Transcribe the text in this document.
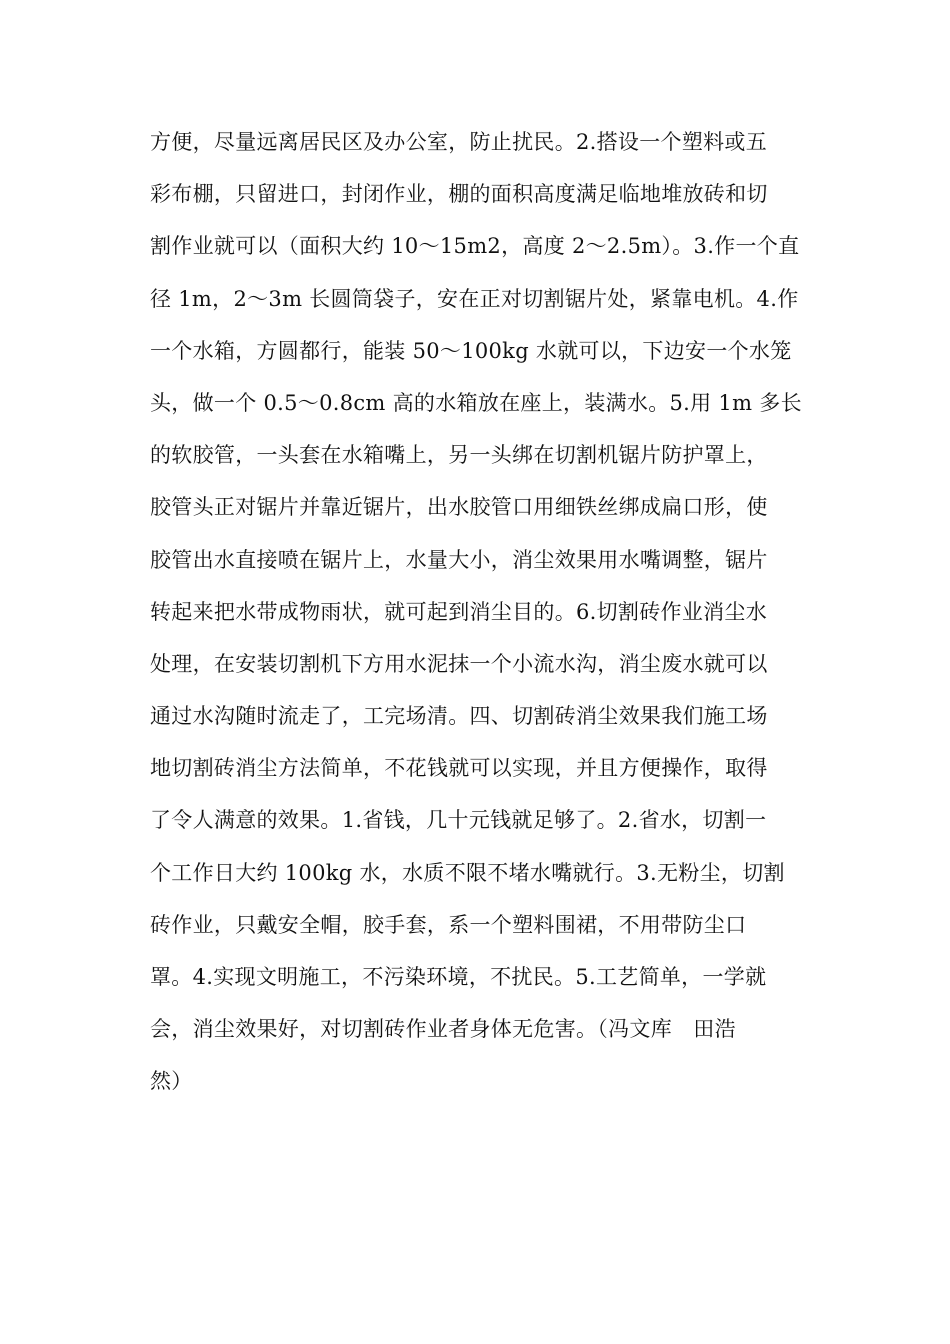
方便，尽量远离居民区及办公室，防止扰民。2.搭设一个塑料或五
彩布棚，只留进口，封闭作业，棚的面积高度满足临地堆放砖和切
割作业就可以（面积大约 10～15m2，高度 2～2.5m）。3.作一个直
径 1m，2～3m 长圆筒袋子，安在正对切割锯片处，紧靠电机。4.作
一个水箱，方圆都行，能装 50～100kg 水就可以，下边安一个水笼
头，做一个 0.5～0.8cm 高的水箱放在座上，装满水。5.用 1m 多长
的软胶管，一头套在水箱嘴上，另一头绑在切割机锯片防护罩上，
胶管头正对锯片并靠近锯片，出水胶管口用细铁丝绑成扁口形，使
胶管出水直接喷在锯片上，水量大小，消尘效果用水嘴调整，锯片
转起来把水带成物雨状，就可起到消尘目的。6.切割砖作业消尘水
处理，在安装切割机下方用水泥抹一个小流水沟，消尘废水就可以
通过水沟随时流走了，工完场清。四、切割砖消尘效果我们施工场
地切割砖消尘方法简单，不花钱就可以实现，并且方便操作，取得
了令人满意的效果。1.省钱，几十元钱就足够了。2.省水，切割一
个工作日大约 100kg 水，水质不限不堵水嘴就行。3.无粉尘，切割
砖作业，只戴安全帽，胶手套，系一个塑料围裙，不用带防尘口
罩。4.实现文明施工，不污染环境，不扰民。5.工艺简单，一学就
会，消尘效果好，对切割砖作业者身体无危害。（冯文库　田浩
然）
